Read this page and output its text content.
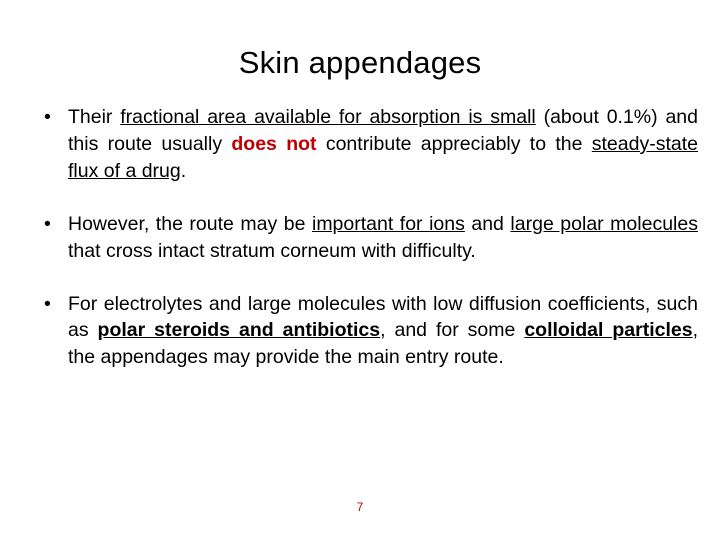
Skin appendages
• Their fractional area available for absorption is small (about 0.1%) and this route usually does not contribute appreciably to the steady-state flux of a drug.
• However, the route may be important for ions and large polar molecules that cross intact stratum corneum with difficulty.
• For electrolytes and large molecules with low diffusion coefficients, such as polar steroids and antibiotics, and for some colloidal particles, the appendages may provide the main entry route.
7
